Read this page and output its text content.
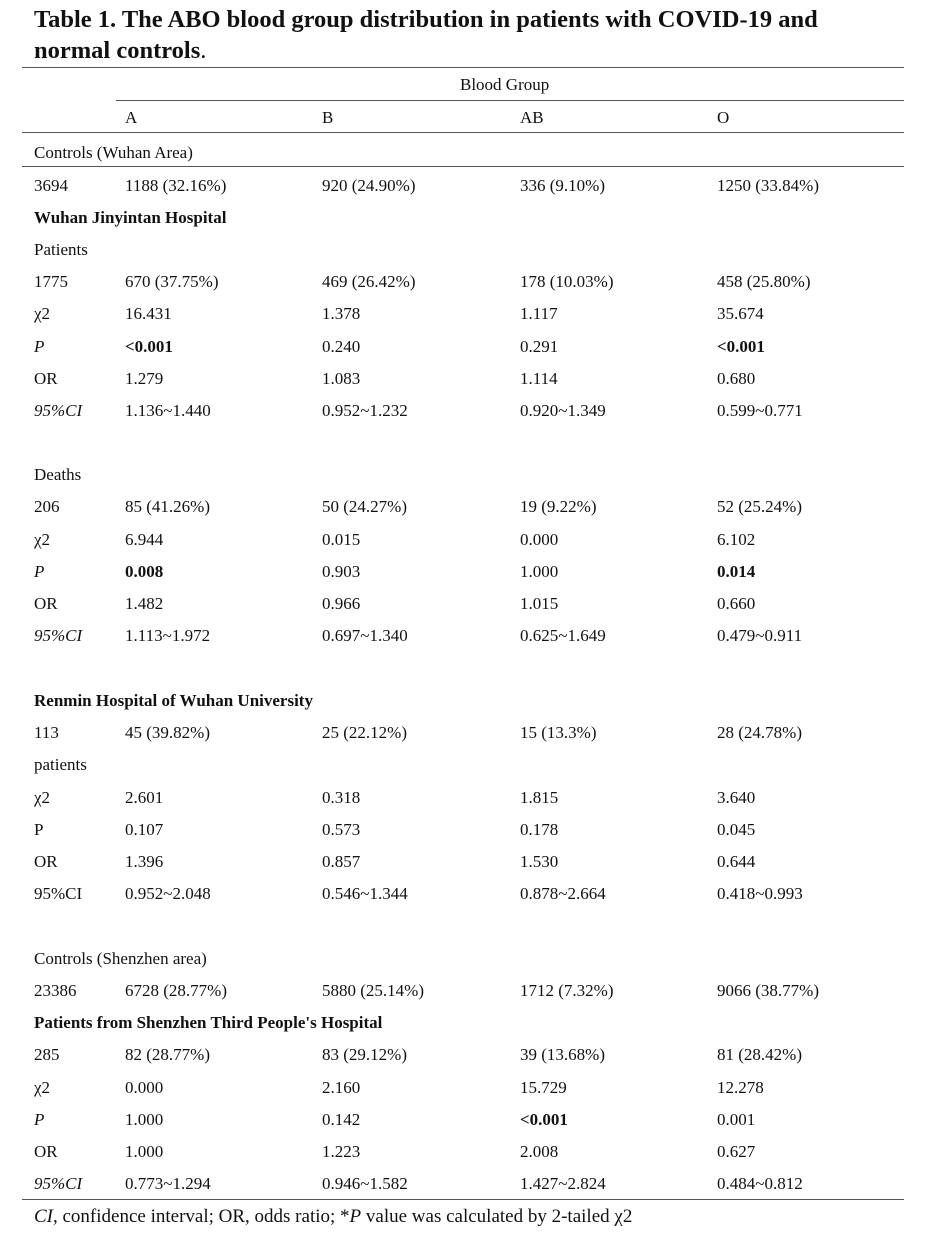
Table 1. The ABO blood group distribution in patients with COVID-19 and
normal controls.
Blood Group
A	B	AB	O
Controls (Wuhan Area)
3694	1188 (32.16%)	920 (24.90%)	336 (9.10%)	1250 (33.84%)
Wuhan Jinyintan Hospital
Patients
1775	670 (37.75%)	469 (26.42%)	178 (10.03%)	458 (25.80%)
χ2	16.431	1.378	1.117	35.674
P	<0.001	0.240	0.291	<0.001
OR	1.279	1.083	1.114	0.680
95%CI	1.136~1.440	0.952~1.232	0.920~1.349	0.599~0.771
Deaths
206	85 (41.26%)	50 (24.27%)	19 (9.22%)	52 (25.24%)
χ2	6.944	0.015	0.000	6.102
P	0.008	0.903	1.000	0.014
OR	1.482	0.966	1.015	0.660
95%CI	1.113~1.972	0.697~1.340	0.625~1.649	0.479~0.911
Renmin Hospital of Wuhan University
113	45 (39.82%)	25 (22.12%)	15 (13.3%)	28 (24.78%)
patients
χ2	2.601	0.318	1.815	3.640
P	0.107	0.573	0.178	0.045
OR	1.396	0.857	1.530	0.644
95%CI	0.952~2.048	0.546~1.344	0.878~2.664	0.418~0.993
Controls (Shenzhen area)
23386	6728 (28.77%)	5880 (25.14%)	1712 (7.32%)	9066 (38.77%)
Patients from Shenzhen Third People's Hospital
285	82 (28.77%)	83 (29.12%)	39 (13.68%)	81 (28.42%)
χ2	0.000	2.160	15.729	12.278
P	1.000	0.142	<0.001	0.001
OR	1.000	1.223	2.008	0.627
95%CI	0.773~1.294	0.946~1.582	1.427~2.824	0.484~0.812
CI, confidence interval; OR, odds ratio; *P value was calculated by 2-tailed χ2
